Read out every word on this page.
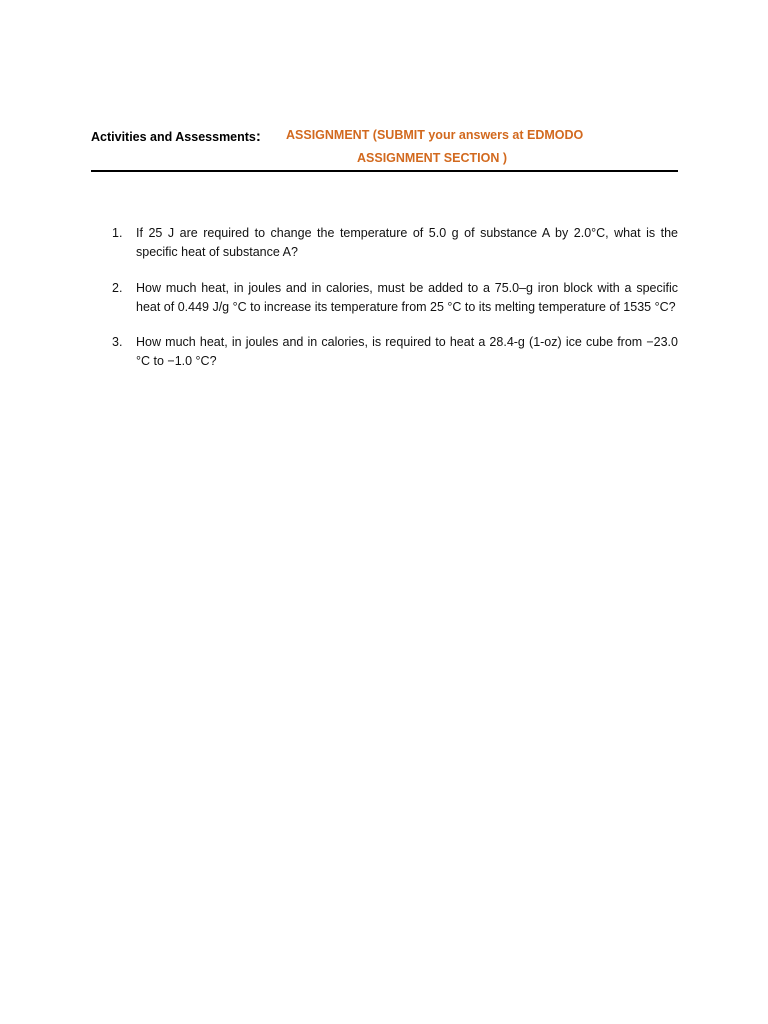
Activities and Assessments: ASSIGNMENT (SUBMIT your answers at EDMODO
ASSIGNMENT SECTION )
1. If 25 J are required to change the temperature of 5.0 g of substance A by 2.0°C, what is the specific heat of substance A?
2. How much heat, in joules and in calories, must be added to a 75.0–g iron block with a specific heat of 0.449 J/g °C to increase its temperature from 25 °C to its melting temperature of 1535 °C?
3. How much heat, in joules and in calories, is required to heat a 28.4-g (1-oz) ice cube from −23.0 °C to −1.0 °C?
